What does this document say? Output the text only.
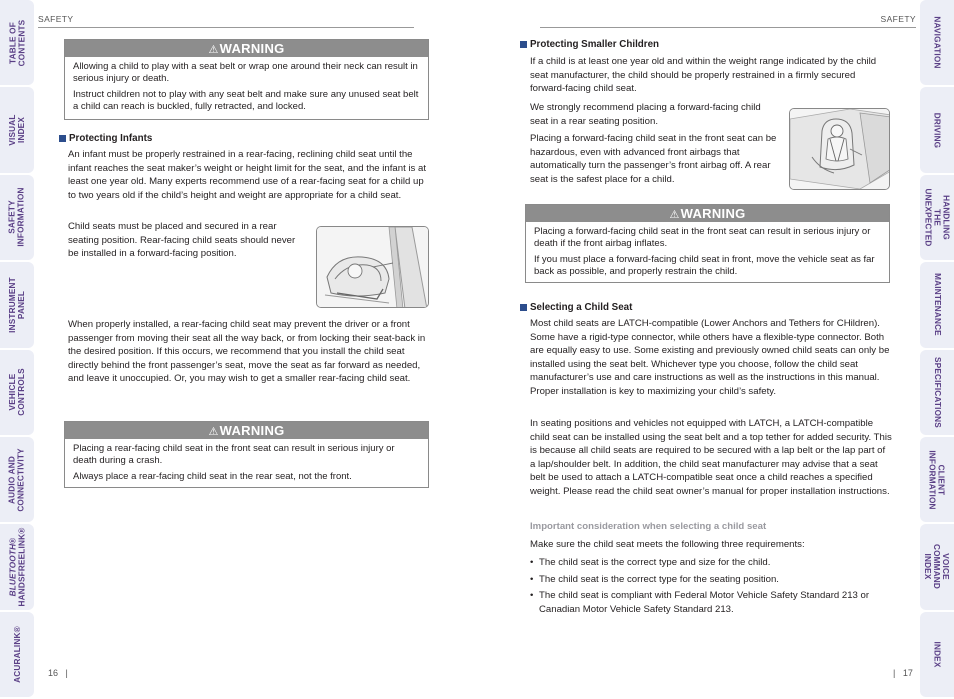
TABLE OF
CONTENTS
VISUAL INDEX
SAFETY
INFORMATION
INSTRUMENT
PANEL
VEHICLE
CONTROLS
AUDIO AND
CONNECTIVITY
BLUETOOTH®
HANDSFREELINK®
ACURALINK®
NAVIGATION
DRIVING
HANDLING THE
UNEXPECTED
MAINTENANCE
SPECIFICATIONS
CLIENT
INFORMATION
VOICE COMMAND
INDEX
INDEX
SAFETY	SAFETY
⚠WARNING

Allowing a child to play with a seat belt or wrap one around their neck can result in serious injury or death.

Instruct children not to play with any seat belt and make sure any unused seat belt a child can reach is buckled, fully retracted, and locked.

Protecting Infants
An infant must be properly restrained in a rear-facing, reclining child seat until the infant reaches the seat maker’s weight or height limit for the seat, and the infant is at least one year old. Many experts recommend use of a rear-facing seat for a child up to two years old if the child’s height and weight are appropriate for a child seat.
Child seats must be placed and secured in a rear seating position. Rear-facing child seats should never be installed in a forward-facing position.
When properly installed, a rear-facing child seat may prevent the driver or a front passenger from moving their seat all the way back, or from locking their seat-back in the desired position. If this occurs, we recommend that you install the child seat directly behind the front passenger’s seat, move the seat as far forward as needed, and leave it unoccupied. Or, you may wish to get a smaller rear-facing child seat.
⚠WARNING

Placing a rear-facing child seat in the front seat can result in serious injury or death during a crash.

Always place a rear-facing child seat in the rear seat, not the front.

Protecting Smaller Children
If a child is at least one year old and within the weight range indicated by the child seat manufacturer, the child should be properly restrained in a firmly secured forward-facing child seat.
We strongly recommend placing a forward-facing child seat in a rear seating position.
Placing a forward-facing child seat in the front seat can be hazardous, even with advanced front airbags that automatically turn the passenger’s front airbag off. A rear seat is the safest place for a child.
⚠WARNING

Placing a forward-facing child seat in the front seat can result in serious injury or death if the front airbag inflates.

If you must place a forward-facing child seat in front, move the vehicle seat as far back as possible, and properly restrain the child.

Selecting a Child Seat
Most child seats are LATCH-compatible (Lower Anchors and Tethers for CHildren). Some have a rigid-type connector, while others have a flexible-type connector. Both are equally easy to use. Some existing and previously owned child seats can only be installed using the seat belt. Whichever type you choose, follow the child seat manufacturer’s use and care instructions as well as the instructions in this manual. Proper installation is key to maximizing your child’s safety.
In seating positions and vehicles not equipped with LATCH, a LATCH-compatible child seat can be installed using the seat belt and a top tether for added security. This is because all child seats are required to be secured with a lap belt or the lap part of a lap/shoulder belt. In addition, the child seat manufacturer may advise that a seat belt be used to attach a LATCH-compatible seat once a child reaches a specified weight. Please read the child seat owner’s manual for proper installation instructions.
Important consideration when selecting a child seat
Make sure the child seat meets the following three requirements:
• The child seat is the correct type and size for the child.
• The child seat is the correct type for the seating position.
• The child seat is compliant with Federal Motor Vehicle Safety Standard 213 or Canadian Motor Vehicle Safety Standard 213.
16 |	| 17
